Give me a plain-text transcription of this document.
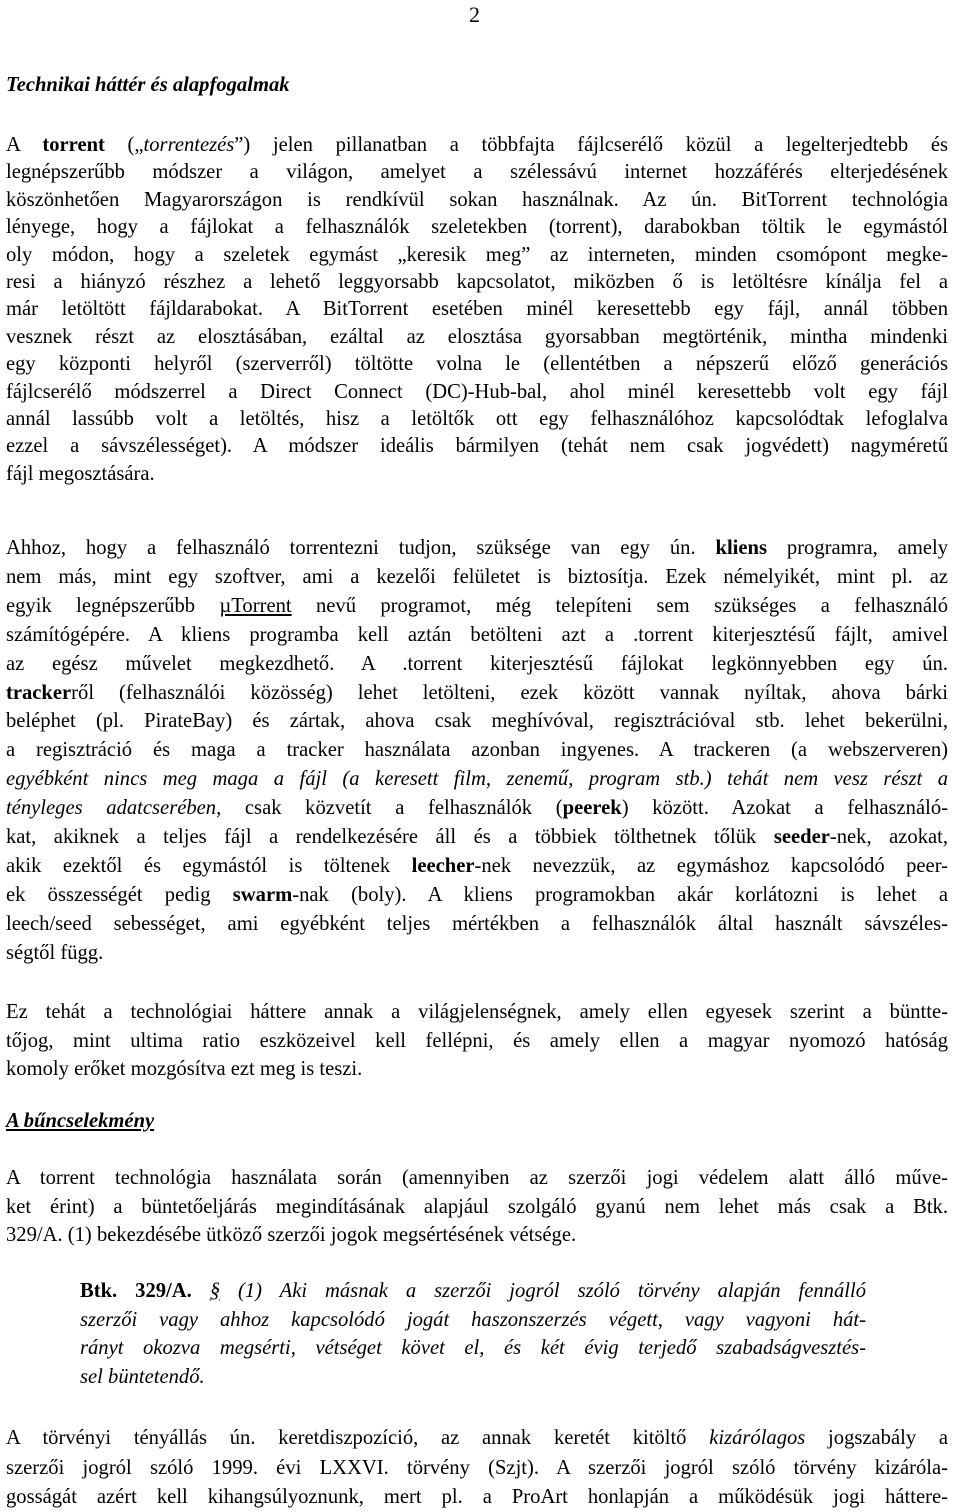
2
Technikai háttér és alapfogalmak
A torrent („torrentezés”) jelen pillanatban a többfajta fájlcserélő közül a legelterjedtebb és
legnépszerűbb módszer a világon, amelyet a szélessávú internet hozzáférés elterjedésének
köszönhetően Magyarországon is rendkívül sokan használnak. Az ún. BitTorrent technológia
lényege, hogy a fájlokat a felhasználók szeletekben (torrent), darabokban töltik le egymástól
oly módon, hogy a szeletek egymást „keresik meg” az interneten, minden csomópont megke-
resi a hiányzó részhez a lehető leggyorsabb kapcsolatot, miközben ő is letöltésre kínálja fel a
már letöltött fájldarabokat. A BitTorrent esetében minél keresettebb egy fájl, annál többen
vesznek részt az elosztásában, ezáltal az elosztása gyorsabban megtörténik, mintha mindenki
egy központi helyről (szerverről) töltötte volna le (ellentétben a népszerű előző generációs
fájlcserélő módszerrel a Direct Connect (DC)-Hub-bal, ahol minél keresettebb volt egy fájl
annál lassúbb volt a letöltés, hisz a letöltők ott egy felhasználóhoz kapcsolódtak lefoglalva
ezzel a sávszélességet). A módszer ideális bármilyen (tehát nem csak jogvédett) nagyméretű
fájl megosztására.
Ahhoz, hogy a felhasználó torrentezni tudjon, szüksége van egy ún. kliens programra, amely
nem más, mint egy szoftver, ami a kezelői felületet is biztosítja. Ezek némelyikét, mint pl. az
egyik legnépszerűbb µTorrent nevű programot, még telepíteni sem szükséges a felhasználó
számítógépére. A kliens programba kell aztán betölteni azt a .torrent kiterjesztésű fájlt, amivel
az egész művelet megkezdhető. A .torrent kiterjesztésű fájlokat legkönnyebben egy ún.
trackerről (felhasználói közösség) lehet letölteni, ezek között vannak nyíltak, ahova bárki
beléphet (pl. PirateBay) és zártak, ahova csak meghívóval, regisztrációval stb. lehet bekerülni,
a regisztráció és maga a tracker használata azonban ingyenes. A trackeren (a webszerveren)
egyébként nincs meg maga a fájl (a keresett film, zenemű, program stb.) tehát nem vesz részt a
tényleges adatcserében, csak közvetít a felhasználók (peerek) között. Azokat a felhasználó-
kat, akiknek a teljes fájl a rendelkezésére áll és a többiek tölthetnek tőlük seeder-nek, azokat,
akik ezektől és egymástól is töltenek leecher-nek nevezzük, az egymáshoz kapcsolódó peer-
ek összességét pedig swarm-nak (boly). A kliens programokban akár korlátozni is lehet a
leech/seed sebességet, ami egyébként teljes mértékben a felhasználók által használt sávszéles-
ségtől függ.
Ez tehát a technológiai háttere annak a világjelenségnek, amely ellen egyesek szerint a büntte-
tőjog, mint ultima ratio eszközeivel kell fellépni, és amely ellen a magyar nyomozó hatóság
komoly erőket mozgósítva ezt meg is teszi.
A bűncselekmény
A torrent technológia használata során (amennyiben az szerzői jogi védelem alatt álló műve-
ket érint) a büntetőeljárás megindításának alapjául szolgáló gyanú nem lehet más csak a Btk.
329/A. (1) bekezdésébe ütköző szerzői jogok megsértésének vétsége.
Btk. 329/A. § (1) Aki másnak a szerzői jogról szóló törvény alapján fennálló
szerzői vagy ahhoz kapcsolódó jogát haszonszerzés végett, vagy vagyoni hát-
rányt okozva megsérti, vétséget követ el, és két évig terjedő szabadságvesztés-
sel büntetendő.
A törvényi tényállás ún. keretdiszpozíció, az annak keretét kitöltő kizárólagos jogszabály a
szerzői jogról szóló 1999. évi LXXVI. törvény (Szjt). A szerzői jogról szóló törvény kizáróla-
gosságát azért kell kihangsúlyoznunk, mert pl. a ProArt honlapján a működésük jogi háttere-
